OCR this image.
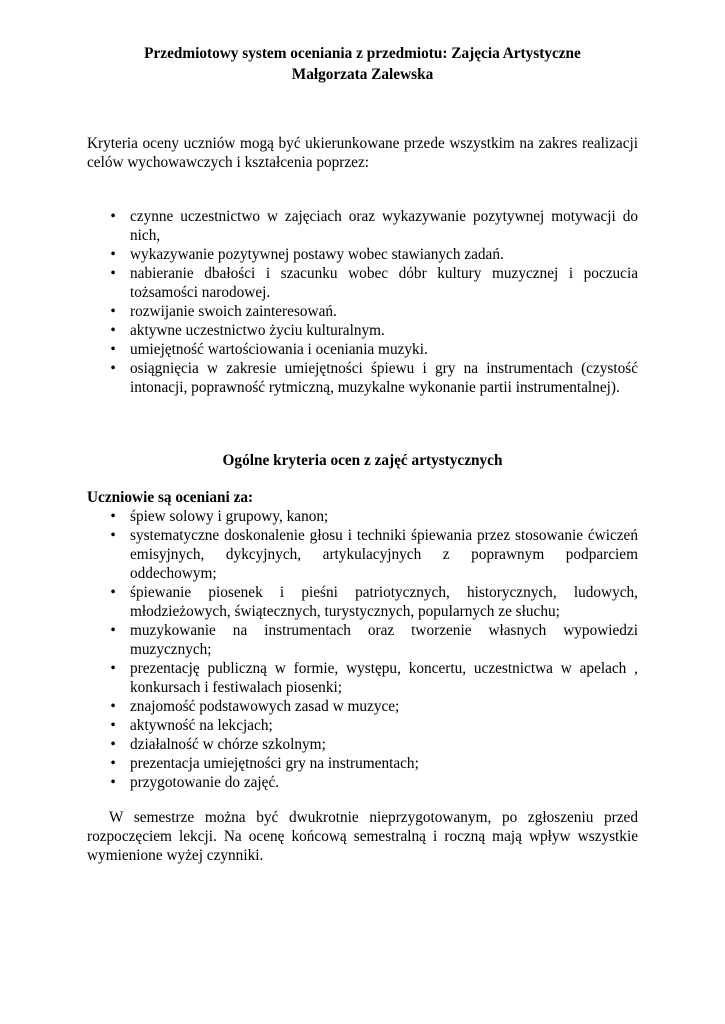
Przedmiotowy system oceniania z przedmiotu: Zajęcia Artystyczne
Małgorzata Zalewska
Kryteria oceny uczniów mogą być ukierunkowane przede wszystkim na zakres realizacji celów wychowawczych i kształcenia poprzez:
• czynne uczestnictwo w zajęciach oraz wykazywanie pozytywnej motywacji do nich,
• wykazywanie pozytywnej postawy wobec stawianych zadań.
• nabieranie dbałości i szacunku wobec dóbr kultury muzycznej i poczucia tożsamości narodowej.
• rozwijanie swoich zainteresowań.
• aktywne uczestnictwo życiu kulturalnym.
• umiejętność wartościowania i oceniania muzyki.
• osiągnięcia w zakresie umiejętności śpiewu i gry na instrumentach (czystość intonacji, poprawność rytmiczną, muzykalne wykonanie partii instrumentalnej).
Ogólne kryteria ocen z zajęć artystycznych
Uczniowie są oceniani za:
• śpiew solowy i grupowy, kanon;
• systematyczne doskonalenie głosu i techniki śpiewania przez stosowanie ćwiczeń emisyjnych, dykcyjnych, artykulacyjnych z poprawnym podparciem oddechowym;
• śpiewanie piosenek i pieśni patriotycznych, historycznych, ludowych, młodzieżowych, świątecznych, turystycznych, popularnych ze słuchu;
• muzykowanie na instrumentach oraz tworzenie własnych wypowiedzi muzycznych;
• prezentację publiczną w formie, występu, koncertu, uczestnictwa w apelach , konkursach i festiwalach piosenki;
• znajomość podstawowych zasad w muzyce;
• aktywność na lekcjach;
• działalność w chórze szkolnym;
• prezentacja umiejętności gry na instrumentach;
• przygotowanie do zajęć.
W semestrze można być dwukrotnie nieprzygotowanym, po zgłoszeniu przed rozpoczęciem lekcji. Na ocenę końcową semestralną i roczną mają wpływ wszystkie wymienione wyżej czynniki.
